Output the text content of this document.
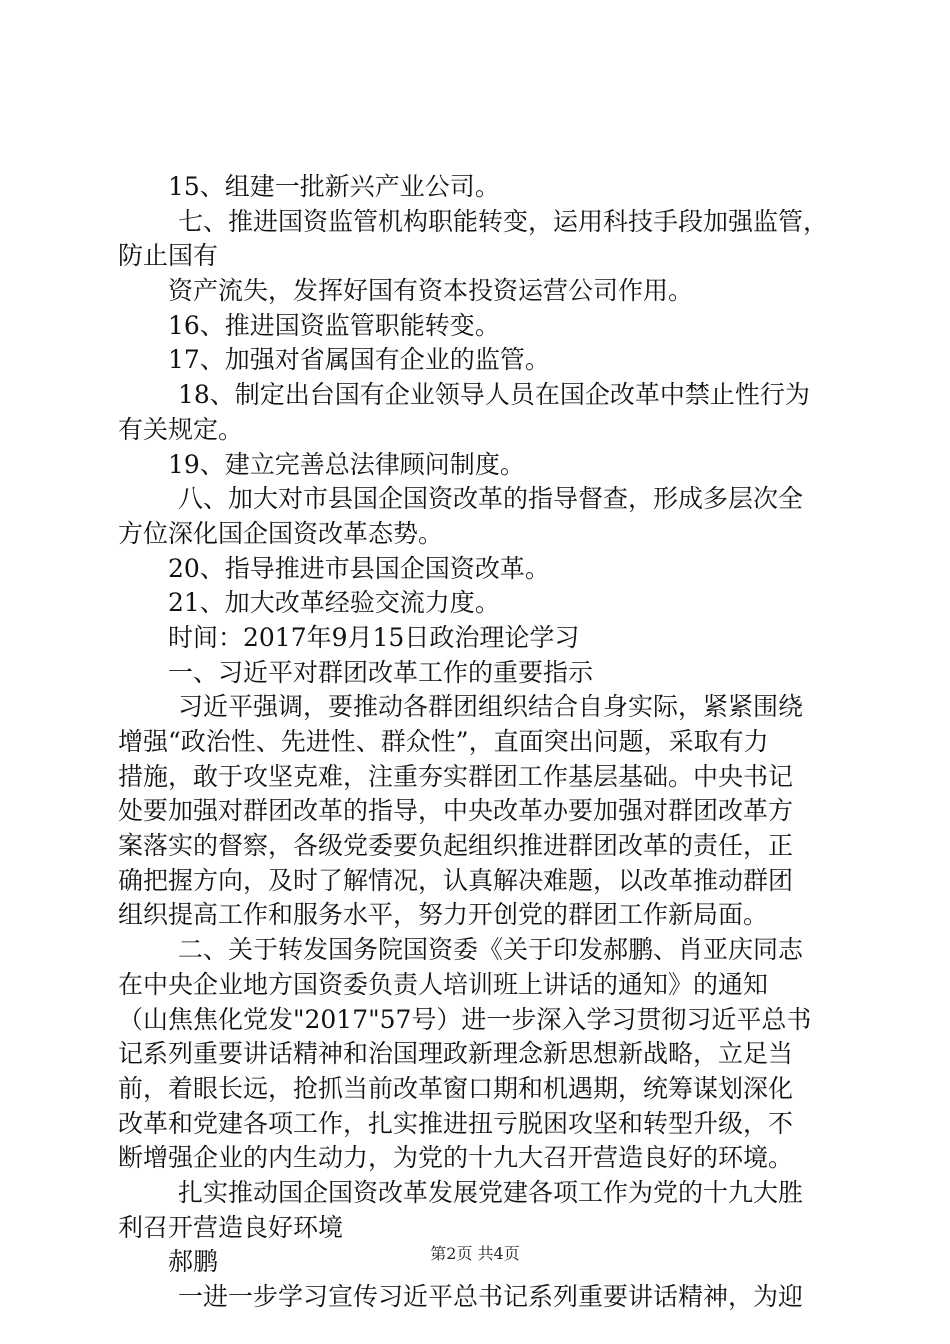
15、组建一批新兴产业公司。
七、推进国资监管机构职能转变，运用科技手段加强监管，
防止国有
资产流失，发挥好国有资本投资运营公司作用。
16、推进国资监管职能转变。
17、加强对省属国有企业的监管。
18、制定出台国有企业领导人员在国企改革中禁止性行为
有关规定。
19、建立完善总法律顾问制度。
八、加大对市县国企国资改革的指导督查，形成多层次全
方位深化国企国资改革态势。
20、指导推进市县国企国资改革。
21、加大改革经验交流力度。
时间：2017年9月15日政治理论学习
一、习近平对群团改革工作的重要指示
习近平强调，要推动各群团组织结合自身实际，紧紧围绕
增强“政治性、先进性、群众性”，直面突出问题，采取有力
措施，敢于攻坚克难，注重夯实群团工作基层基础。中央书记
处要加强对群团改革的指导，中央改革办要加强对群团改革方
案落实的督察，各级党委要负起组织推进群团改革的责任，正
确把握方向，及时了解情况，认真解决难题，以改革推动群团
组织提高工作和服务水平，努力开创党的群团工作新局面。
二、关于转发国务院国资委《关于印发郝鹏、肖亚庆同志
在中央企业地方国资委负责人培训班上讲话的通知》的通知
（山焦焦化党发"2017"57号）进一步深入学习贯彻习近平总书
记系列重要讲话精神和治国理政新理念新思想新战略，立足当
前，着眼长远，抢抓当前改革窗口期和机遇期，统筹谋划深化
改革和党建各项工作，扎实推进扭亏脱困攻坚和转型升级，不
断增强企业的内生动力，为党的十九大召开营造良好的环境。
扎实推动国企国资改革发展党建各项工作为党的十九大胜
利召开营造良好环境
郝鹏
一进一步学习宣传习近平总书记系列重要讲话精神，为迎
第2页 共4页
